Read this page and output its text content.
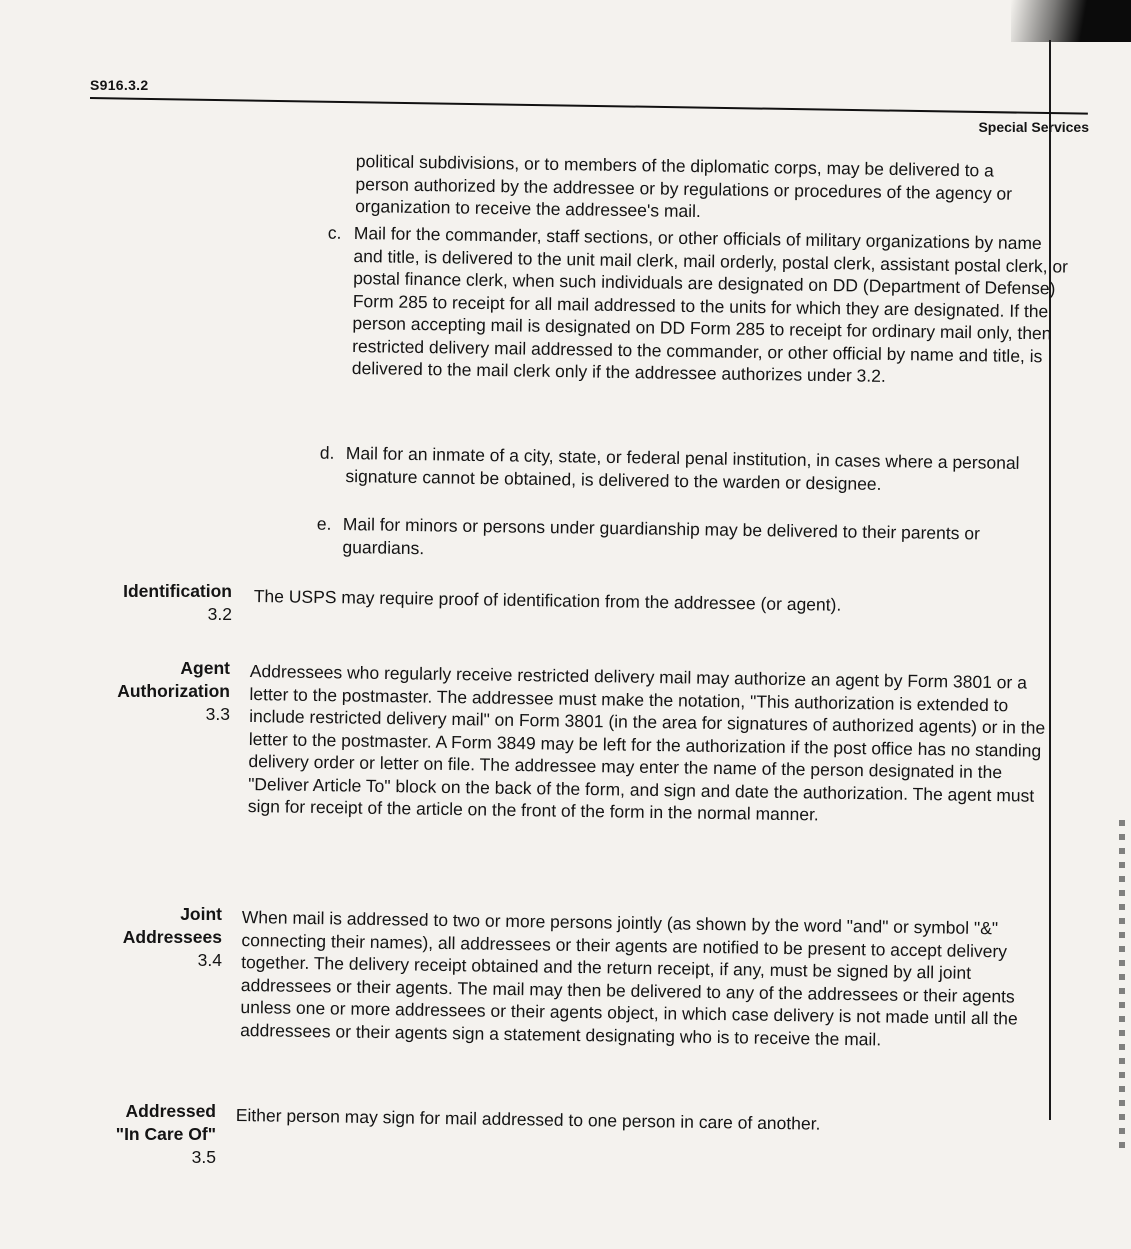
S916.3.2
Special Services

political subdivisions, or to members of the diplomatic corps, may be delivered to a person authorized by the addressee or by regulations or procedures of the agency or organization to receive the addressee's mail.

c. Mail for the commander, staff sections, or other officials of military organizations by name and title, is delivered to the unit mail clerk, mail orderly, postal clerk, assistant postal clerk, or postal finance clerk, when such individuals are designated on DD (Department of Defense) Form 285 to receipt for all mail addressed to the units for which they are designated. If the person accepting mail is designated on DD Form 285 to receipt for ordinary mail only, then restricted delivery mail addressed to the commander, or other official by name and title, is delivered to the mail clerk only if the addressee authorizes under 3.2.

d. Mail for an inmate of a city, state, or federal penal institution, in cases where a personal signature cannot be obtained, is delivered to the warden or designee.

e. Mail for minors or persons under guardianship may be delivered to their parents or guardians.

Identification
3.2 The USPS may require proof of identification from the addressee (or agent).

Agent
Authorization
3.3

Addressees who regularly receive restricted delivery mail may authorize an agent by Form 3801 or a letter to the postmaster. The addressee must make the notation, "This authorization is extended to include restricted delivery mail" on Form 3801 (in the area for signatures of authorized agents) or in the letter to the postmaster. A Form 3849 may be left for the authorization if the post office has no standing delivery order or letter on file. The addressee may enter the name of the person designated in the "Deliver Article To" block on the back of the form, and sign and date the authorization. The agent must sign for receipt of the article on the front of the form in the normal manner.

Joint
Addressees
3.4

When mail is addressed to two or more persons jointly (as shown by the word "and" or symbol "&" connecting their names), all addressees or their agents are notified to be present to accept delivery together. The delivery receipt obtained and the return receipt, if any, must be signed by all joint addressees or their agents. The mail may then be delivered to any of the addressees or their agents unless one or more addressees or their agents object, in which case delivery is not made until all the addressees or their agents sign a statement designating who is to receive the mail.

Addressed
"In Care Of"
3.5

Either person may sign for mail addressed to one person in care of another.
